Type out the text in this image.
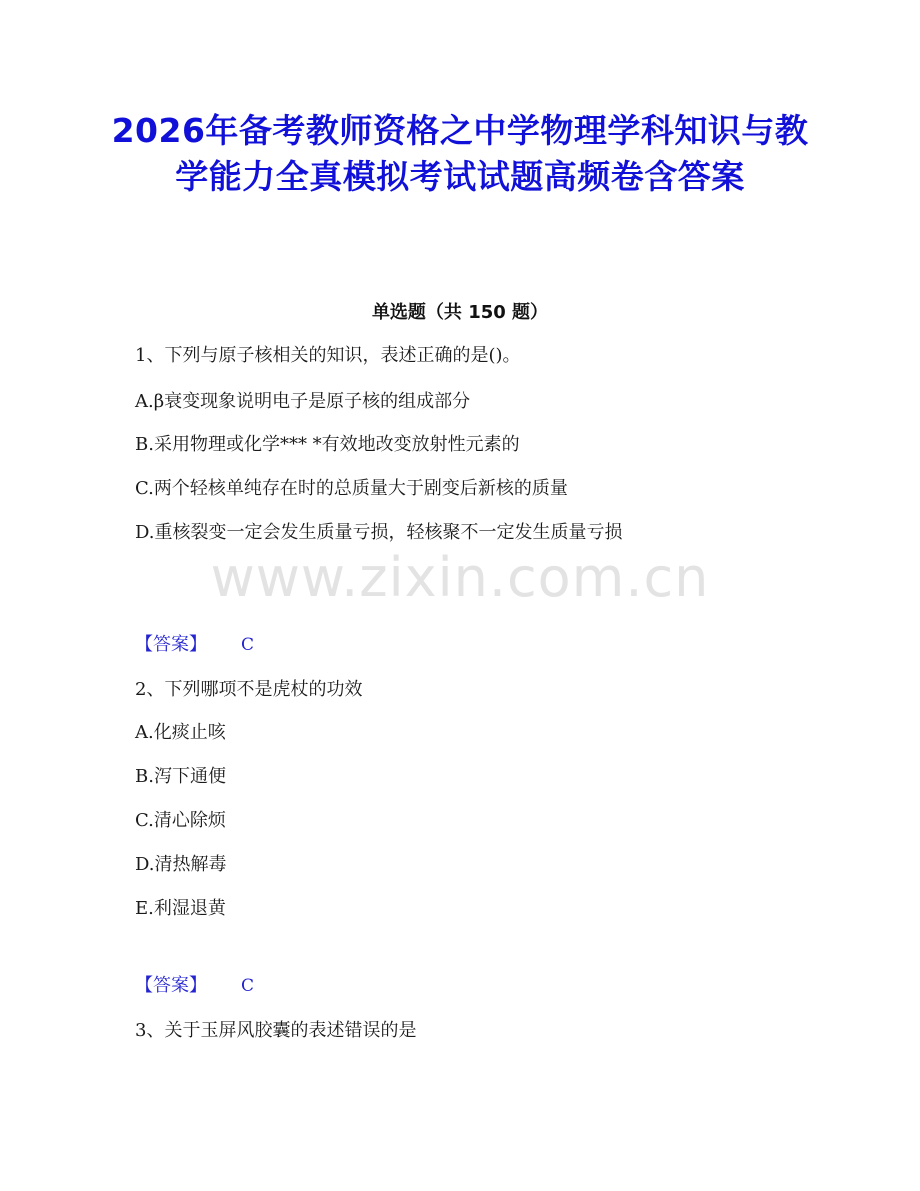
2026年备考教师资格之中学物理学科知识与教学能力全真模拟考试试题高频卷含答案
单选题（共 150 题）
1、下列与原子核相关的知识，表述正确的是()。
A.β衰变现象说明电子是原子核的组成部分
B.采用物理或化学*** *有效地改变放射性元素的
C.两个轻核单纯存在时的总质量大于剧变后新核的质量
D.重核裂变一定会发生质量亏损，轻核聚不一定发生质量亏损
www.zixin.com.cn
【答案】 C
2、下列哪项不是虎杖的功效
A.化痰止咳
B.泻下通便
C.清心除烦
D.清热解毒
E.利湿退黄
【答案】 C
3、关于玉屏风胶囊的表述错误的是
